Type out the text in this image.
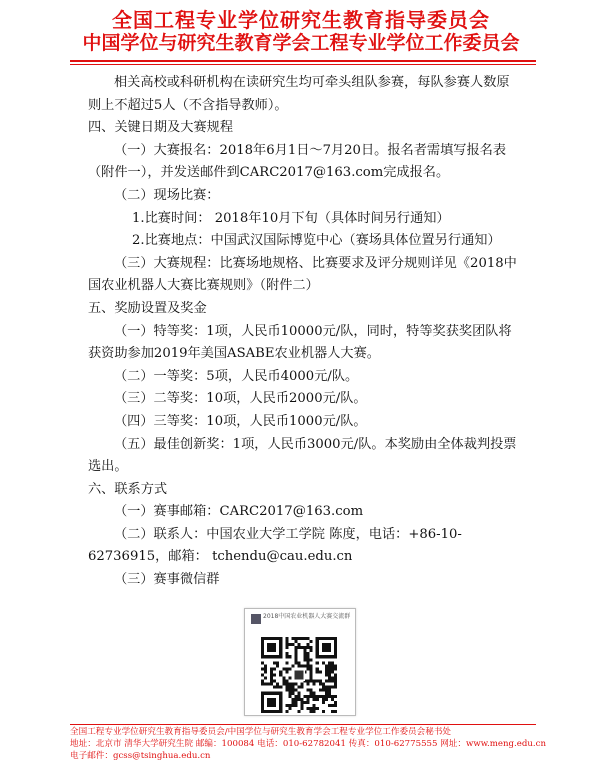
全国工程专业学位研究生教育指导委员会
中国学位与研究生教育学会工程专业学位工作委员会

相关高校或科研机构在读研究生均可牵头组队参赛，每队参赛人数原则上不超过5人（不含指导教师）。

四、关键日期及大赛规程

（一）大赛报名：2018年6月1日～7月20日。报名者需填写报名表（附件一），并发送邮件到CARC2017@163.com完成报名。

（二）现场比赛：

1.比赛时间： 2018年10月下旬（具体时间另行通知）

2.比赛地点：中国武汉国际博览中心（赛场具体位置另行通知）

（三）大赛规程：比赛场地规格、比赛要求及评分规则详见《2018中国农业机器人大赛比赛规则》（附件二）

五、奖励设置及奖金

（一）特等奖：1项，人民币10000元/队，同时，特等奖获奖团队将获资助参加2019年美国ASABE农业机器人大赛。

（二）一等奖：5项，人民币4000元/队。

（三）二等奖：10项，人民币2000元/队。

（四）三等奖：10项，人民币1000元/队。

（五）最佳创新奖：1项，人民币3000元/队。本奖励由全体裁判投票选出。

六、联系方式

（一）赛事邮箱：CARC2017@163.com

（二）联系人：中国农业大学工学院 陈度，电话：+86-10-62736915，邮箱： tchendu@cau.edu.cn

（三）赛事微信群

2018中国农业机器人大赛交流群
全国工程专业学位研究生教育指导委员会/中国学位与研究生教育学会工程专业学位工作委员会秘书处
地址：北京市 清华大学研究生院 邮编：100084 电话：010-62782041 传真：010-62775555 网址：www.meng.edu.cn
电子邮件：gcss@tsinghua.edu.cn
